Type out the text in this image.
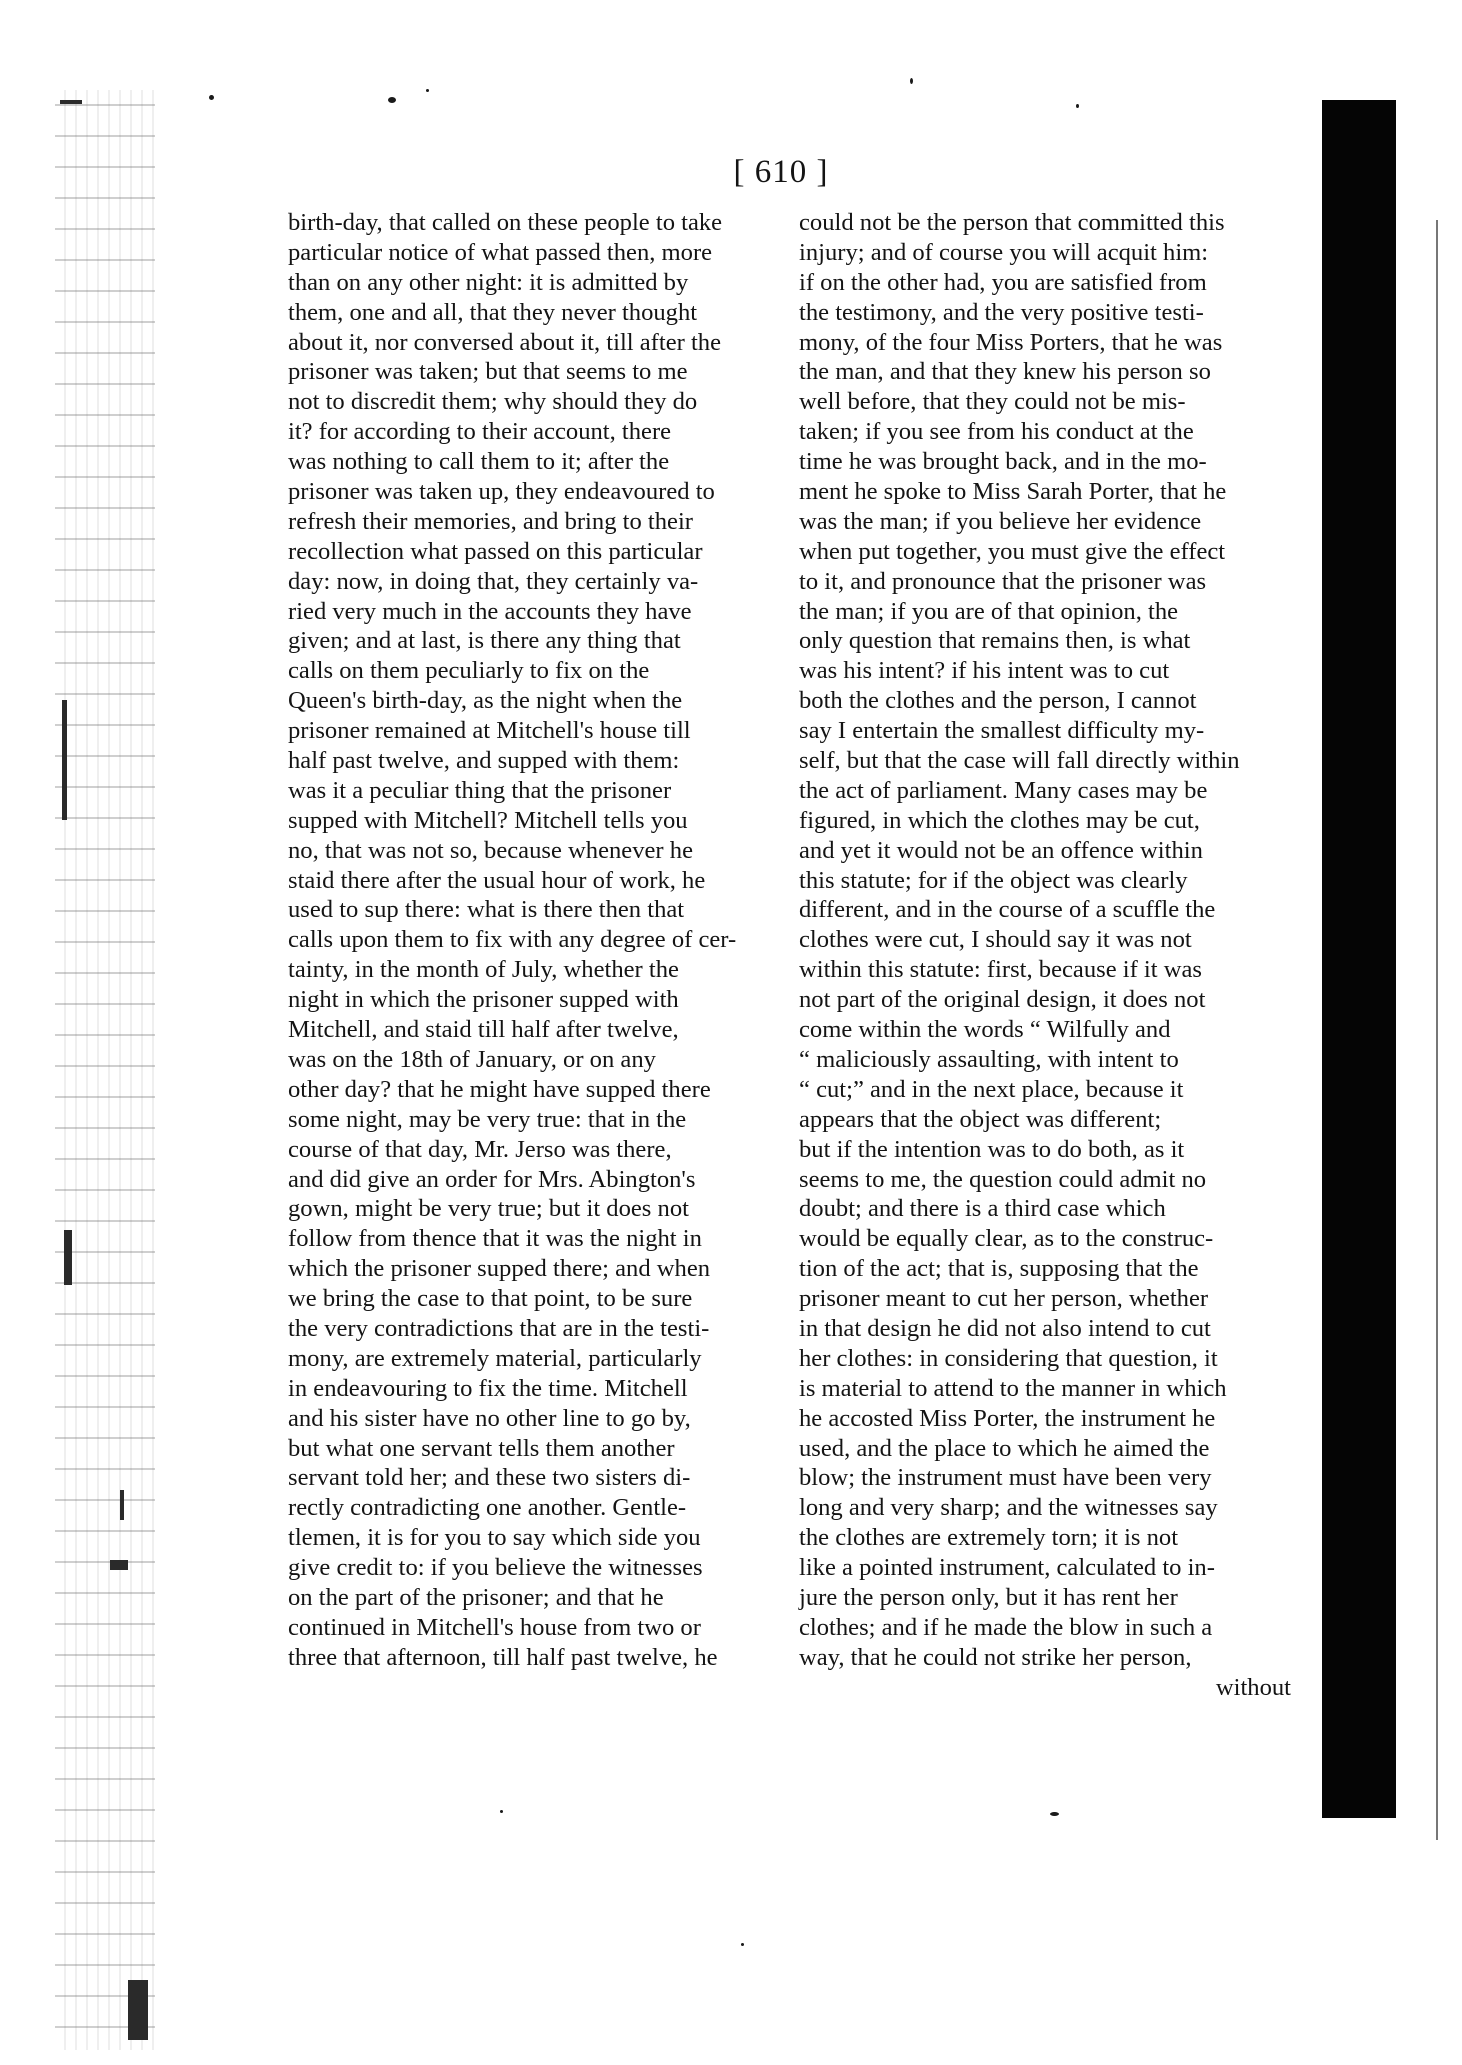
[ 610 ]
birth-day, that called on these people to take
particular notice of what passed then, more
than on any other night: it is admitted by
them, one and all, that they never thought
about it, nor conversed about it, till after the
prisoner was taken; but that seems to me
not to discredit them; why should they do
it? for according to their account, there
was nothing to call them to it; after the
prisoner was taken up, they endeavoured to
refresh their memories, and bring to their
recollection what passed on this particular
day: now, in doing that, they certainly va-
ried very much in the accounts they have
given; and at last, is there any thing that
calls on them peculiarly to fix on the
Queen's birth-day, as the night when the
prisoner remained at Mitchell's house till
half past twelve, and supped with them:
was it a peculiar thing that the prisoner
supped with Mitchell? Mitchell tells you
no, that was not so, because whenever he
staid there after the usual hour of work, he
used to sup there: what is there then that
calls upon them to fix with any degree of cer-
tainty, in the month of July, whether the
night in which the prisoner supped with
Mitchell, and staid till half after twelve,
was on the 18th of January, or on any
other day? that he might have supped there
some night, may be very true: that in the
course of that day, Mr. Jerso was there,
and did give an order for Mrs. Abington's
gown, might be very true; but it does not
follow from thence that it was the night in
which the prisoner supped there; and when
we bring the case to that point, to be sure
the very contradictions that are in the testi-
mony, are extremely material, particularly
in endeavouring to fix the time. Mitchell
and his sister have no other line to go by,
but what one servant tells them another
servant told her; and these two sisters di-
rectly contradicting one another. Gentle-
tlemen, it is for you to say which side you
give credit to: if you believe the witnesses
on the part of the prisoner; and that he
continued in Mitchell's house from two or
three that afternoon, till half past twelve, he
could not be the person that committed this
injury; and of course you will acquit him:
if on the other had, you are satisfied from
the testimony, and the very positive testi-
mony, of the four Miss Porters, that he was
the man, and that they knew his person so
well before, that they could not be mis-
taken; if you see from his conduct at the
time he was brought back, and in the mo-
ment he spoke to Miss Sarah Porter, that he
was the man; if you believe her evidence
when put together, you must give the effect
to it, and pronounce that the prisoner was
the man; if you are of that opinion, the
only question that remains then, is what
was his intent? if his intent was to cut
both the clothes and the person, I cannot
say I entertain the smallest difficulty my-
self, but that the case will fall directly within
the act of parliament. Many cases may be
figured, in which the clothes may be cut,
and yet it would not be an offence within
this statute; for if the object was clearly
different, and in the course of a scuffle the
clothes were cut, I should say it was not
within this statute: first, because if it was
not part of the original design, it does not
come within the words “ Wilfully and
“ maliciously assaulting, with intent to
“ cut;” and in the next place, because it
appears that the object was different;
but if the intention was to do both, as it
seems to me, the question could admit no
doubt; and there is a third case which
would be equally clear, as to the construc-
tion of the act; that is, supposing that the
prisoner meant to cut her person, whether
in that design he did not also intend to cut
her clothes: in considering that question, it
is material to attend to the manner in which
he accosted Miss Porter, the instrument he
used, and the place to which he aimed the
blow; the instrument must have been very
long and very sharp; and the witnesses say
the clothes are extremely torn; it is not
like a pointed instrument, calculated to in-
jure the person only, but it has rent her
clothes; and if he made the blow in such a
way, that he could not strike her person,
without
